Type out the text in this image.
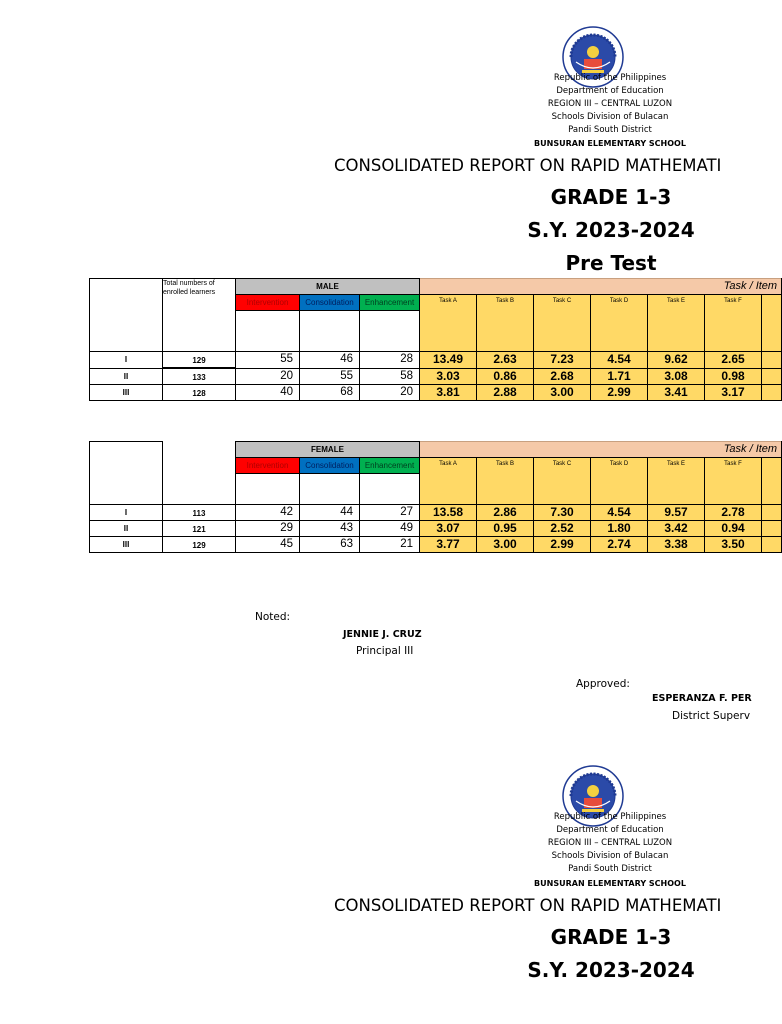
Republic of the Philippines
Department of Education
REGION III – CENTRAL LUZON
Schools Division of Bulacan
Pandi South District
BUNSURAN ELEMENTARY SCHOOL
CONSOLIDATED REPORT ON RAPID MATHEMATI
GRADE 1-3
S.Y. 2023-2024
Pre Test
	Total numbers of enrolled learners	MALE			Task / Item						
		Intervention	Consolidation	Enhancement	Task A	Task B	Task C	Task D	Task E	Task F	

I	129	55	46	28	13.49	2.63	7.23	4.54	9.62	2.65	
II	133	20	55	58	3.03	0.86	2.68	1.71	3.08	0.98	
III	128	40	68	20	3.81	2.88	3.00	2.99	3.41	3.17	
		FEMALE			Task / Item						
		Intervention	Consolidation	Enhancement	Task A	Task B	Task C	Task D	Task E	Task F	

I	113	42	44	27	13.58	2.86	7.30	4.54	9.57	2.78	
II	121	29	43	49	3.07	0.95	2.52	1.80	3.42	0.94	
III	129	45	63	21	3.77	3.00	2.99	2.74	3.38	3.50	
Noted:
JENNIE J. CRUZ
Principal III
Approved:
ESPERANZA F. PER
District Superv
Republic of the Philippines
Department of Education
REGION III – CENTRAL LUZON
Schools Division of Bulacan
Pandi South District
BUNSURAN ELEMENTARY SCHOOL
CONSOLIDATED REPORT ON RAPID MATHEMATI
GRADE 1-3
S.Y. 2023-2024
